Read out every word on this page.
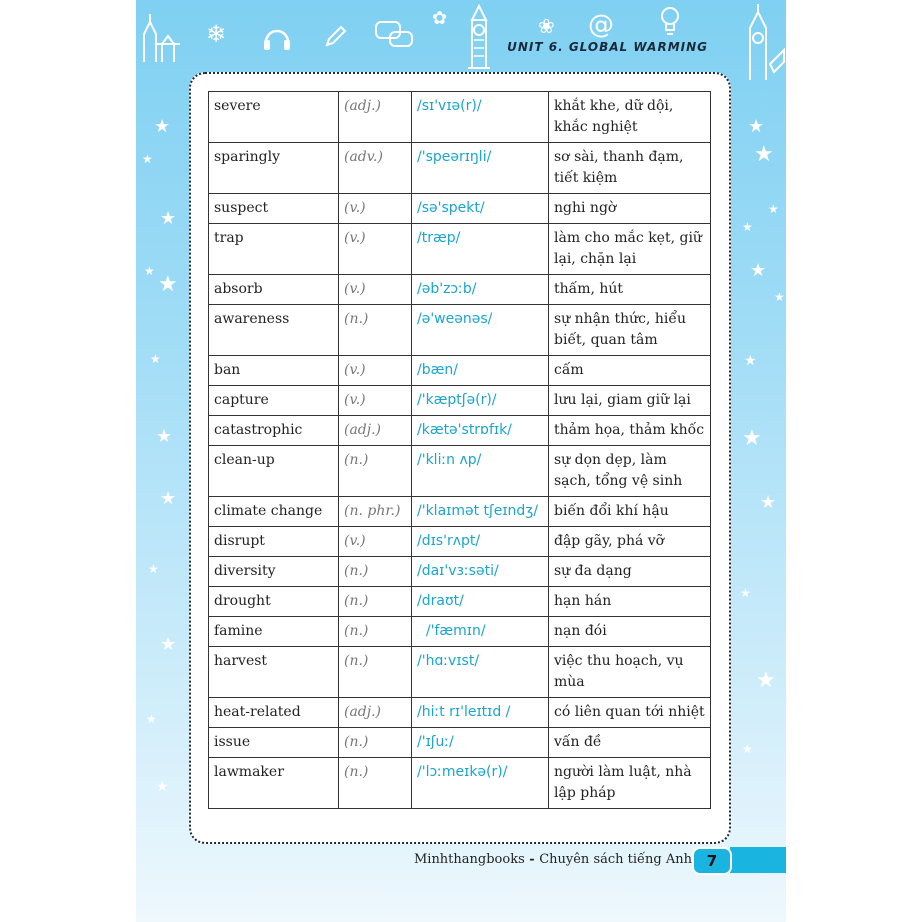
❄
✿	❀ @
UNIT 6. GLOBAL WARMING
★
★
★
★
★
★
★
★
★
★
★
★
★
★
★
★
★
★
★
★
★
★
★
★
severe	(adj.)	/sɪ'vɪə(r)/	khắt khe, dữ dội, khắc nghiệt
sparingly	(adv.)	/'speərɪŋli/	sơ sài, thanh đạm, tiết kiệm
suspect	(v.)	/sə'spekt/	nghi ngờ
trap	(v.)	/træp/	làm cho mắc kẹt, giữ lại, chặn lại
absorb	(v.)	/əb'zɔːb/	thấm, hút
awareness	(n.)	/ə'weənəs/	sự nhận thức, hiểu biết, quan tâm
ban	(v.)	/bæn/	cấm
capture	(v.)	/'kæptʃə(r)/	lưu lại, giam giữ lại
catastrophic	(adj.)	/kætə'strɒfɪk/	thảm họa, thảm khốc
clean-up	(n.)	/'kliːn ʌp/	sự dọn dẹp, làm sạch, tổng vệ sinh
climate change	(n. phr.)	/'klaɪmət tʃeɪndʒ/	biến đổi khí hậu
disrupt	(v.)	/dɪs'rʌpt/	đập gãy, phá vỡ
diversity	(n.)	/daɪ'vɜːsəti/	sự đa dạng
drought	(n.)	/draʊt/	hạn hán
famine	(n.)	/'fæmɪn/	nạn đói
harvest	(n.)	/'hɑːvɪst/	việc thu hoạch, vụ mùa
heat-related	(adj.)	/hiːt rɪ'leɪtɪd /	có liên quan tới nhiệt
issue	(n.)	/'ɪʃuː/	vấn đề
lawmaker	(n.)	/'lɔːmeɪkə(r)/	người làm luật, nhà lập pháp
Minhthangbooks - Chuyên sách tiếng Anh 7
